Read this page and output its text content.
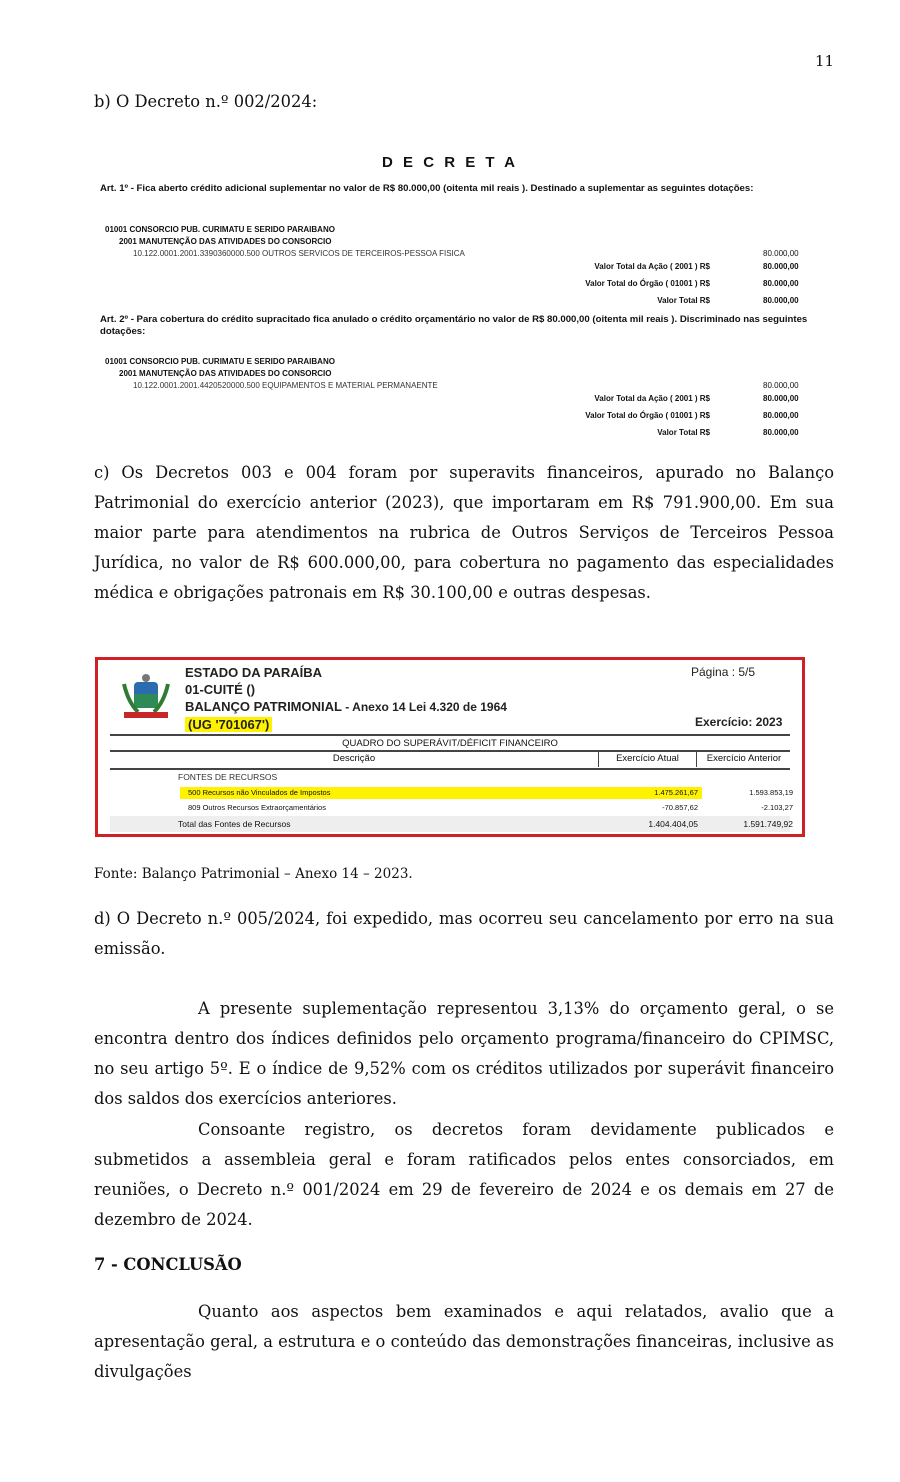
11
b) O Decreto n.º 002/2024:
D E C R E T A
Art. 1º - Fica aberto crédito adicional suplementar no valor de R$ 80.000,00 (oitenta mil reais ). Destinado a suplementar as seguintes dotações:
01001 CONSORCIO PUB. CURIMATU E SERIDO PARAIBANO
2001 MANUTENÇÃO DAS ATIVIDADES DO CONSORCIO
10.122.0001.2001.3390360000.500 OUTROS SERVICOS DE TERCEIROS-PESSOA FISICA	80.000,00
Valor Total da Ação ( 2001 ) R$	80.000,00
Valor Total do Órgão ( 01001 ) R$	80.000,00
Valor Total R$	80.000,00
Art. 2º - Para cobertura do crédito supracitado fica anulado o crédito orçamentário no valor de R$ 80.000,00 (oitenta mil reais ). Discriminado nas seguintes dotações:
01001 CONSORCIO PUB. CURIMATU E SERIDO PARAIBANO
2001 MANUTENÇÃO DAS ATIVIDADES DO CONSORCIO
10.122.0001.2001.4420520000.500 EQUIPAMENTOS E MATERIAL PERMANAENTE	80.000,00
Valor Total da Ação ( 2001 ) R$	80.000,00
Valor Total do Órgão ( 01001 ) R$	80.000,00
Valor Total R$	80.000,00
c) Os Decretos 003 e 004 foram por superavits financeiros, apurado no Balanço Patrimonial do exercício anterior (2023), que importaram em R$ 791.900,00. Em sua maior parte para atendimentos na rubrica de Outros Serviços de Terceiros Pessoa Jurídica, no valor de R$ 600.000,00, para cobertura no pagamento das especialidades médica e obrigações patronais em R$ 30.100,00 e outras despesas.
ESTADO DA PARAÍBA
01-CUITÉ ()
BALANÇO PATRIMONIAL - Anexo 14 Lei 4.320 de 1964
(UG '701067')
Página : 5/5
Exercício: 2023
QUADRO DO SUPERÁVIT/DÉFICIT FINANCEIRO
Descrição	Exercício Atual	Exercício Anterior
FONTES DE RECURSOS
500 Recursos não Vinculados de Impostos	1.475.261,67	1.593.853,19
809 Outros Recursos Extraorçamentários	-70.857,62	-2.103,27
Total das Fontes de Recursos	1.404.404,05	1.591.749,92
Fonte: Balanço Patrimonial – Anexo 14 – 2023.
d) O Decreto n.º 005/2024, foi expedido, mas ocorreu seu cancelamento por erro na sua emissão.
A presente suplementação representou 3,13% do orçamento geral, o se encontra dentro dos índices definidos pelo orçamento programa/financeiro do CPIMSC, no seu artigo 5º. E o índice de 9,52% com os créditos utilizados por superávit financeiro dos saldos dos exercícios anteriores.
Consoante registro, os decretos foram devidamente publicados e submetidos a assembleia geral e foram ratificados pelos entes consorciados, em reuniões, o Decreto n.º 001/2024 em 29 de fevereiro de 2024 e os demais em 27 de dezembro de 2024.
7 - CONCLUSÃO
Quanto aos aspectos bem examinados e aqui relatados, avalio que a apresentação geral, a estrutura e o conteúdo das demonstrações financeiras, inclusive as divulgações
